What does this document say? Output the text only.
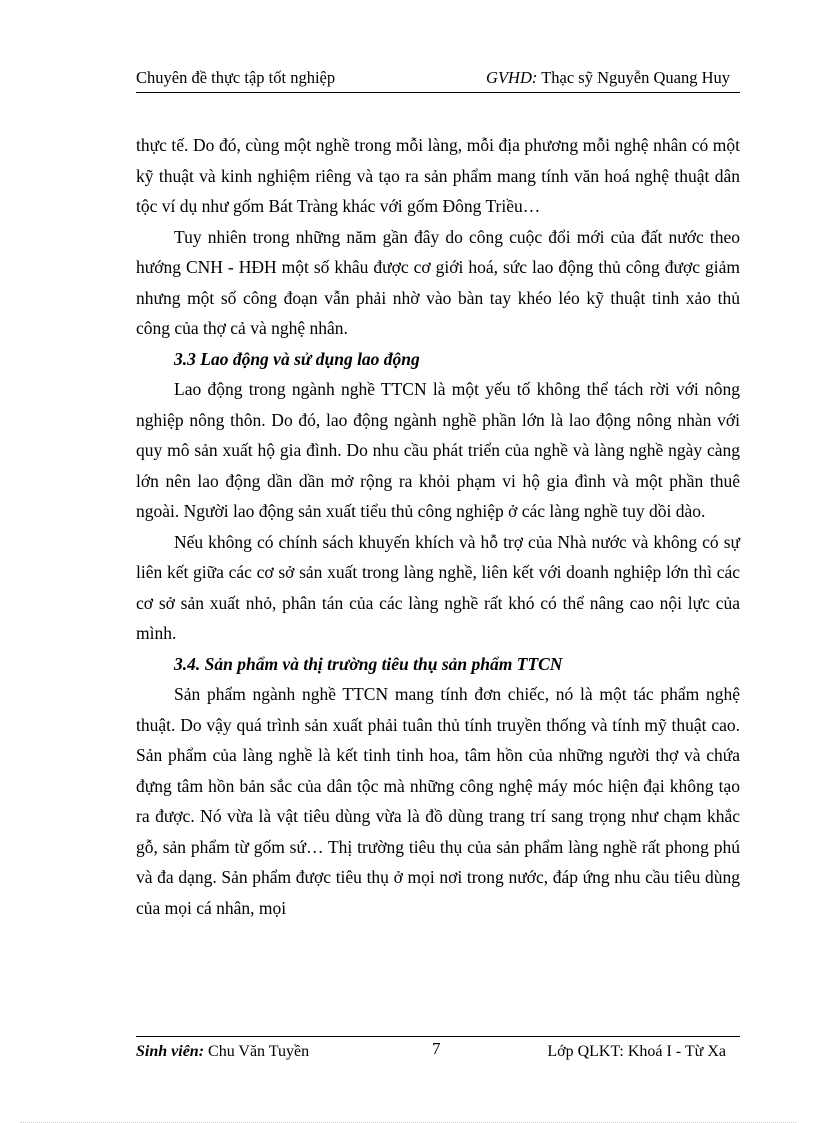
Chuyên đề thực tập tốt nghiệp	GVHD: Thạc sỹ Nguyễn Quang Huy

thực tế. Do đó, cùng một nghề trong mỗi làng, mỗi địa phương mỗi nghệ nhân có một kỹ thuật và kinh nghiệm riêng và tạo ra sản phẩm mang tính văn hoá nghệ thuật dân tộc ví dụ như gốm Bát Tràng khác với gốm Đông Triều…

Tuy nhiên trong những năm gần đây do công cuộc đổi mới của đất nước theo hướng CNH - HĐH một số khâu được cơ giới hoá, sức lao động thủ công được giảm nhưng một số công đoạn vẫn phải nhờ vào bàn tay khéo léo kỹ thuật tinh xảo thủ công của thợ cả và nghệ nhân.

3.3 Lao động và sử dụng lao động

Lao động trong ngành nghề TTCN là một yếu tố không thể tách rời với nông nghiệp nông thôn. Do đó, lao động ngành nghề phần lớn là lao động nông nhàn với quy mô sản xuất hộ gia đình. Do nhu cầu phát triển của nghề và làng nghề ngày càng lớn nên lao động dần dần mở rộng ra khỏi phạm vi hộ gia đình và một phần thuê ngoài. Người lao động sản xuất tiểu thủ công nghiệp ở các làng nghề tuy dồi dào.

Nếu không có chính sách khuyến khích và hỗ trợ của Nhà nước và không có sự liên kết giữa các cơ sở sản xuất trong làng nghề, liên kết với doanh nghiệp lớn thì các cơ sở sản xuất nhỏ, phân tán của các làng nghề rất khó có thể nâng cao nội lực của mình.

3.4. Sản phẩm và thị trường tiêu thụ sản phẩm TTCN

Sản phẩm ngành nghề TTCN mang tính đơn chiếc, nó là một tác phẩm nghệ thuật. Do vậy quá trình sản xuất phải tuân thủ tính truyền thống và tính mỹ thuật cao. Sản phẩm của làng nghề là kết tinh tinh hoa, tâm hồn của những người thợ và chứa đựng tâm hồn bản sắc của dân tộc mà những công nghệ máy móc hiện đại không tạo ra được. Nó vừa là vật tiêu dùng vừa là đồ dùng trang trí sang trọng như chạm khắc gỗ, sản phẩm từ gốm sứ… Thị trường tiêu thụ của sản phẩm làng nghề rất phong phú và đa dạng. Sản phẩm được tiêu thụ ở mọi nơi trong nước, đáp ứng nhu cầu tiêu dùng của mọi cá nhân, mọi

Sinh viên: Chu Văn Tuyền	7	Lớp QLKT: Khoá I - Từ Xa
